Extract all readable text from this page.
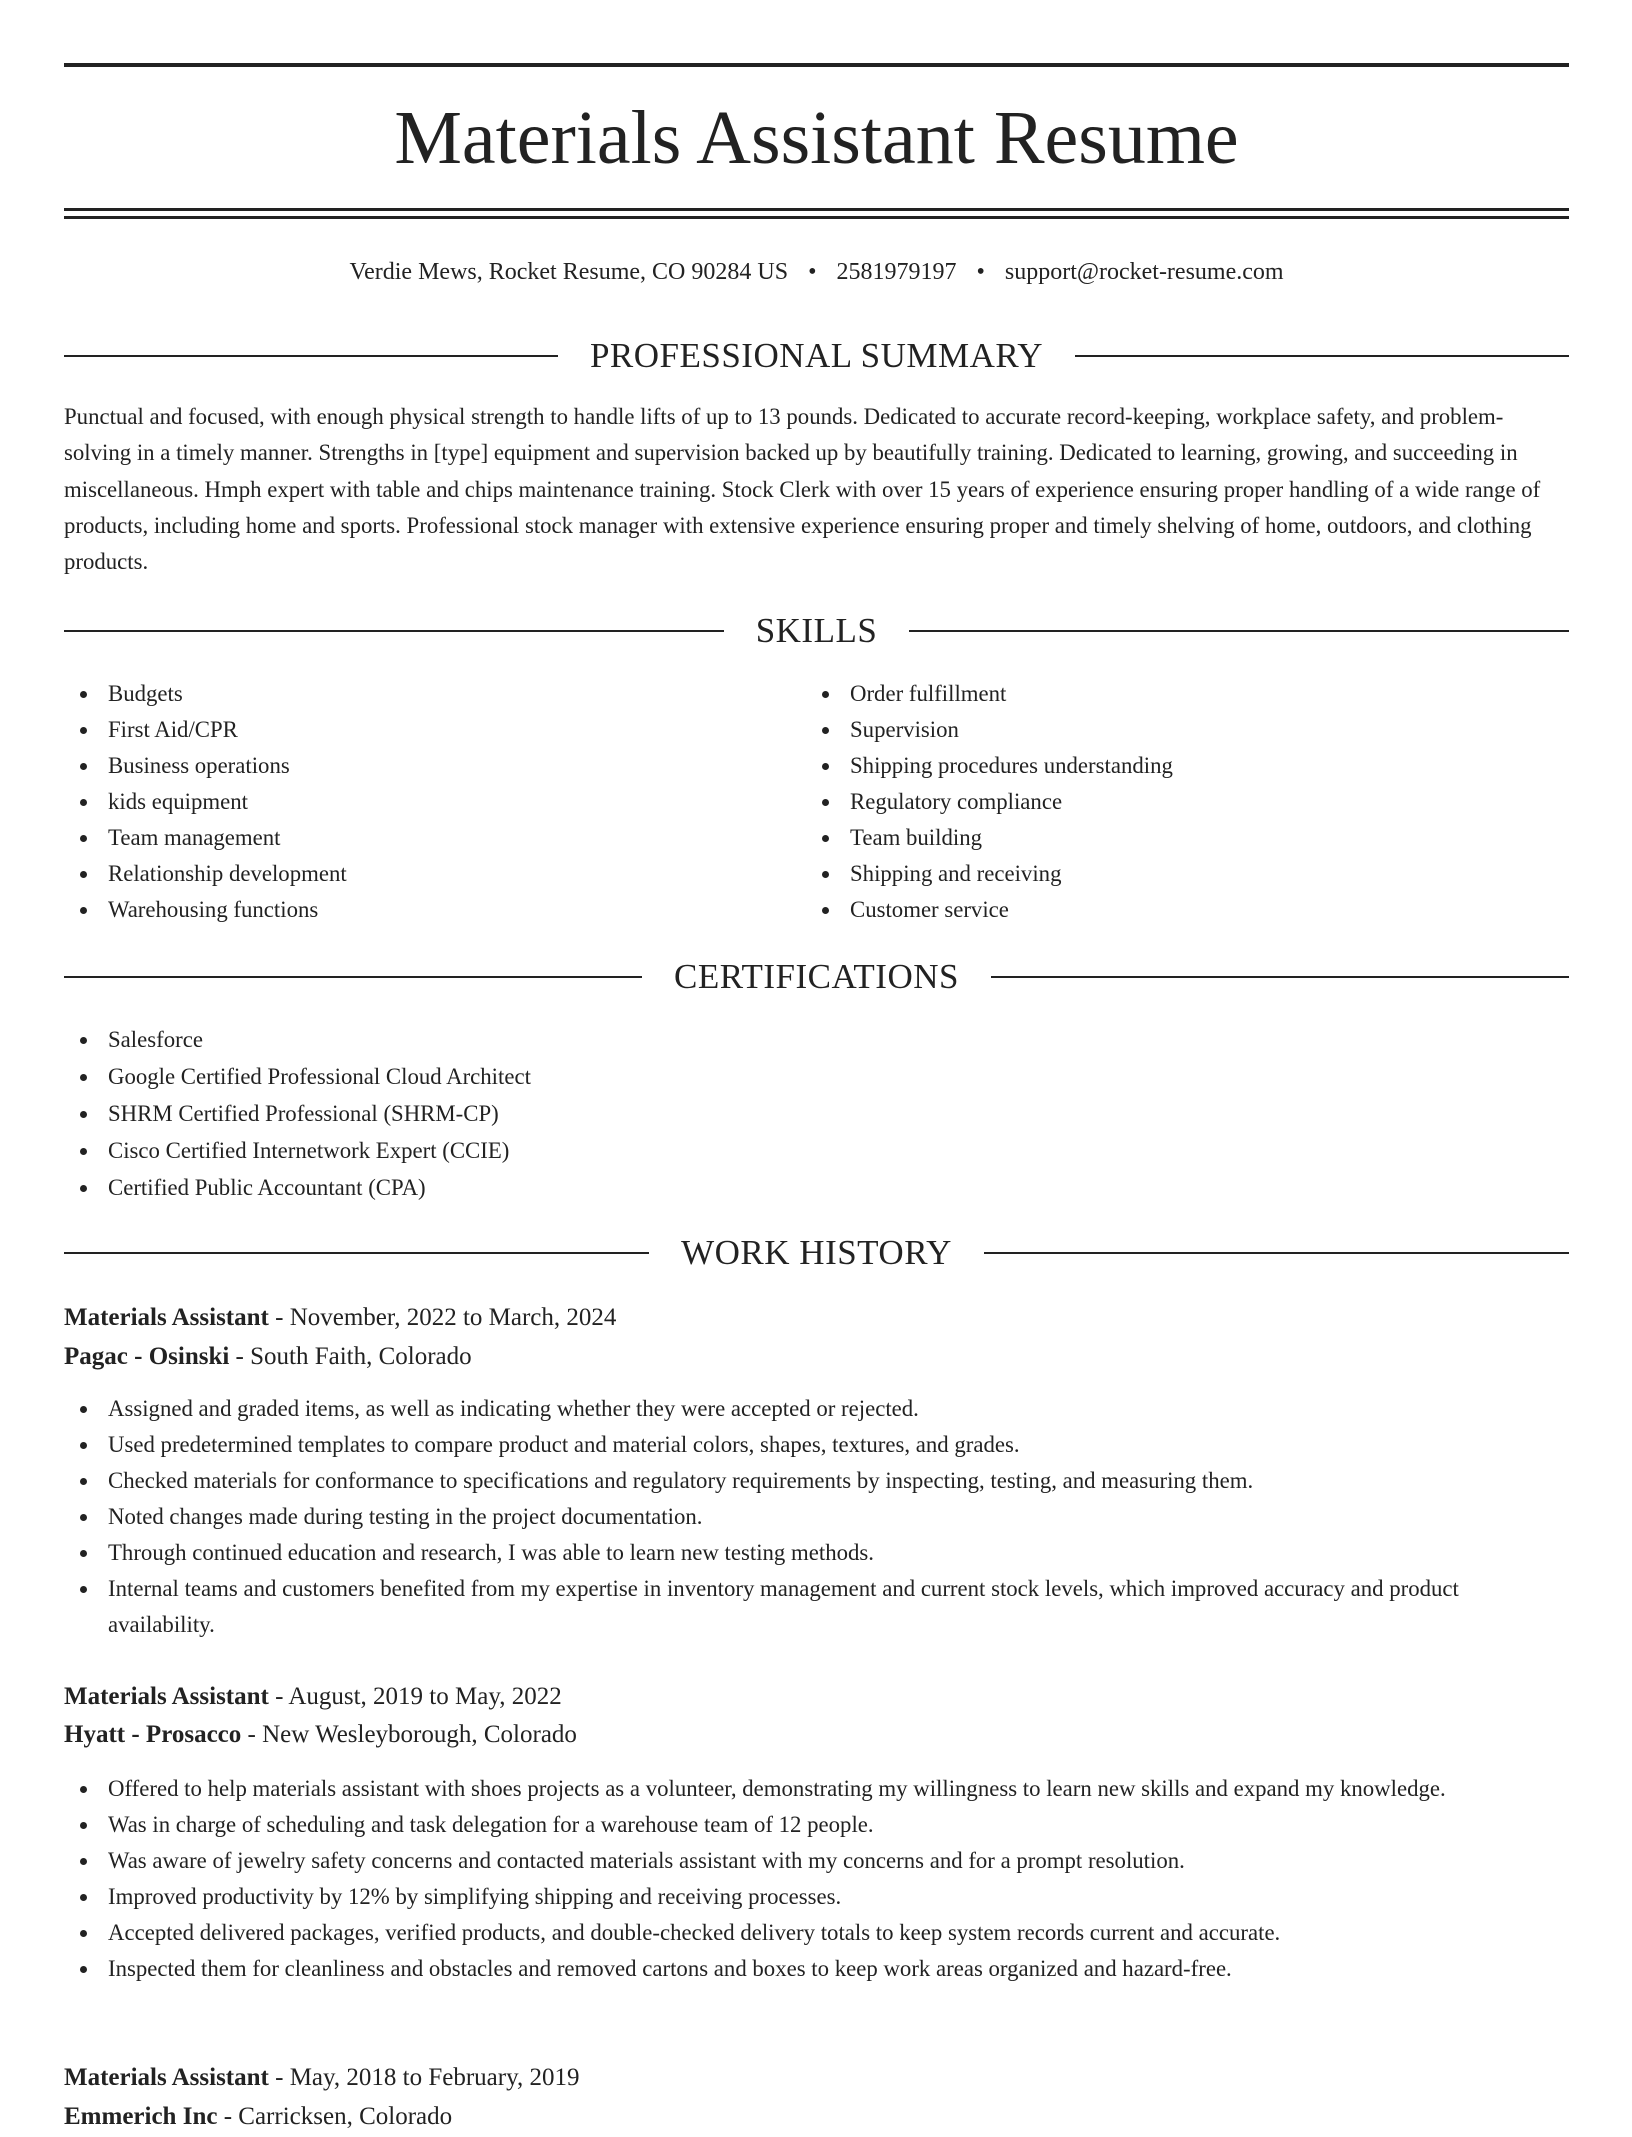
Materials Assistant Resume
Verdie Mews, Rocket Resume, CO 90284 US • 2581979197 • support@rocket-resume.com
PROFESSIONAL SUMMARY

Punctual and focused, with enough physical strength to handle lifts of up to 13 pounds. Dedicated to accurate record-keeping, workplace safety, and problem-solving in a timely manner. Strengths in [type] equipment and supervision backed up by beautifully training. Dedicated to learning, growing, and succeeding in miscellaneous. Hmph expert with table and chips maintenance training. Stock Clerk with over 15 years of experience ensuring proper handling of a wide range of products, including home and sports. Professional stock manager with extensive experience ensuring proper and timely shelving of home, outdoors, and clothing products.

SKILLS
Budgets
First Aid/CPR
Business operations
kids equipment
Team management
Relationship development
Warehousing functions
Order fulfillment
Supervision
Shipping procedures understanding
Regulatory compliance
Team building
Shipping and receiving
Customer service
CERTIFICATIONS
Salesforce
Google Certified Professional Cloud Architect
SHRM Certified Professional (SHRM-CP)
Cisco Certified Internetwork Expert (CCIE)
Certified Public Accountant (CPA)
WORK HISTORY
Materials Assistant - November, 2022 to March, 2024
Pagac - Osinski - South Faith, Colorado
Assigned and graded items, as well as indicating whether they were accepted or rejected.
Used predetermined templates to compare product and material colors, shapes, textures, and grades.
Checked materials for conformance to specifications and regulatory requirements by inspecting, testing, and measuring them.
Noted changes made during testing in the project documentation.
Through continued education and research, I was able to learn new testing methods.
Internal teams and customers benefited from my expertise in inventory management and current stock levels, which improved accuracy and product availability.
Materials Assistant - August, 2019 to May, 2022
Hyatt - Prosacco - New Wesleyborough, Colorado
Offered to help materials assistant with shoes projects as a volunteer, demonstrating my willingness to learn new skills and expand my knowledge.
Was in charge of scheduling and task delegation for a warehouse team of 12 people.
Was aware of jewelry safety concerns and contacted materials assistant with my concerns and for a prompt resolution.
Improved productivity by 12% by simplifying shipping and receiving processes.
Accepted delivered packages, verified products, and double-checked delivery totals to keep system records current and accurate.
Inspected them for cleanliness and obstacles and removed cartons and boxes to keep work areas organized and hazard-free.
Materials Assistant - May, 2018 to February, 2019
Emmerich Inc - Carricksen, Colorado
